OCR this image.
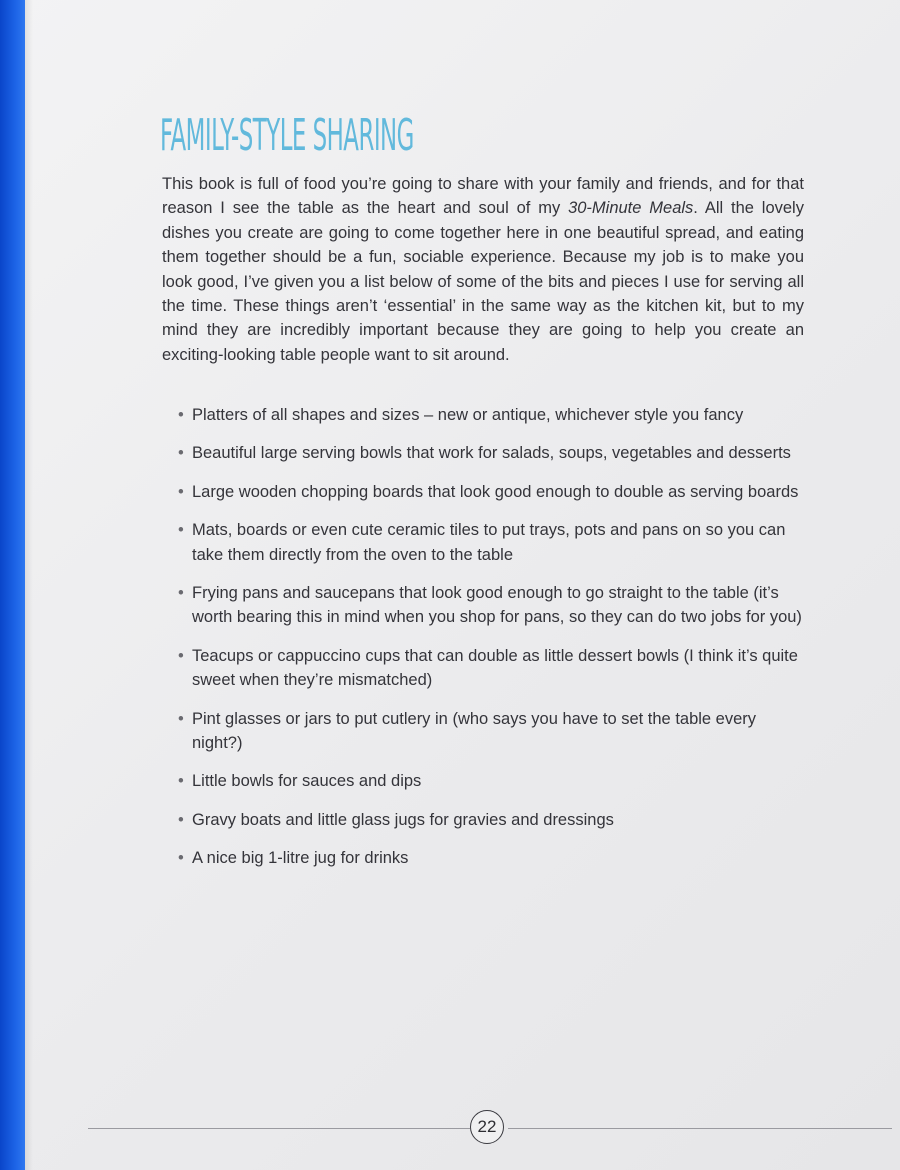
FAMILY-STYLE SHARING

This book is full of food you’re going to share with your family and friends, and for that reason I see the table as the heart and soul of my 30-Minute Meals. All the lovely dishes you create are going to come together here in one beautiful spread, and eating them together should be a fun, sociable experience. Because my job is to make you look good, I’ve given you a list below of some of the bits and pieces I use for serving all the time. These things aren’t ‘essential’ in the same way as the kitchen kit, but to my mind they are incredibly important because they are going to help you create an exciting-looking table people want to sit around.

• Platters of all shapes and sizes – new or antique, whichever style you fancy
• Beautiful large serving bowls that work for salads, soups, vegetables and desserts
• Large wooden chopping boards that look good enough to double as serving boards
• Mats, boards or even cute ceramic tiles to put trays, pots and pans on so you can take them directly from the oven to the table
• Frying pans and saucepans that look good enough to go straight to the table (it’s worth bearing this in mind when you shop for pans, so they can do two jobs for you)
• Teacups or cappuccino cups that can double as little dessert bowls (I think it’s quite sweet when they’re mismatched)
• Pint glasses or jars to put cutlery in (who says you have to set the table every night?)
• Little bowls for sauces and dips
• Gravy boats and little glass jugs for gravies and dressings
• A nice big 1-litre jug for drinks
22
